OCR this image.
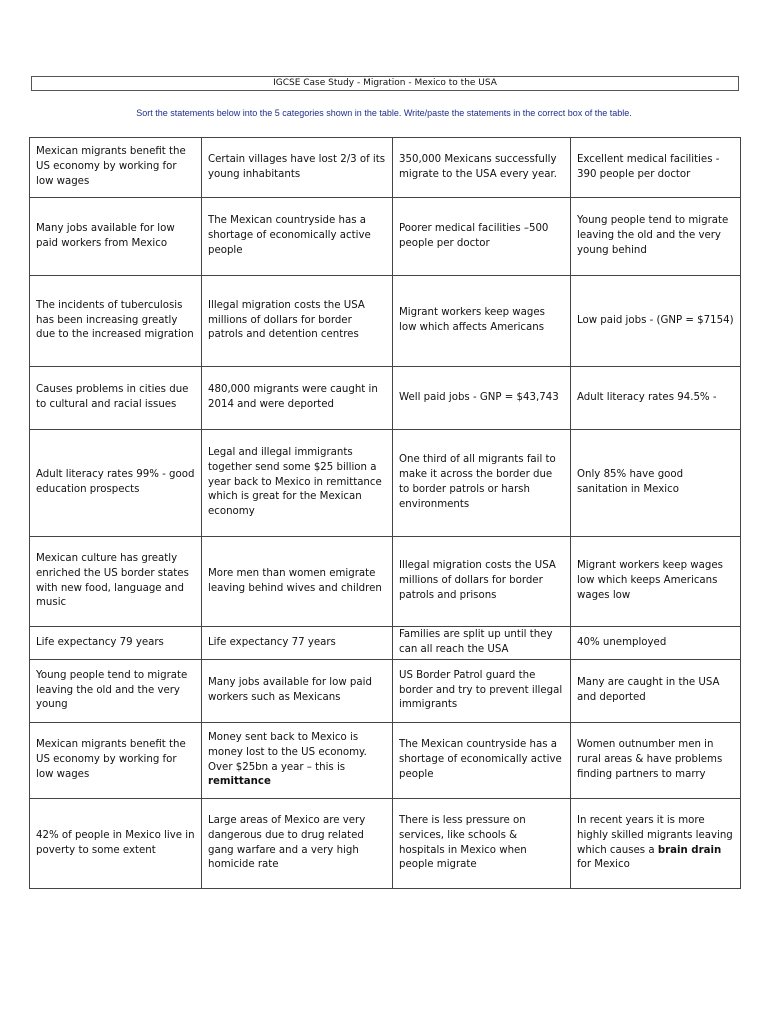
IGCSE Case Study - Migration - Mexico to the USA
Sort the statements below into the 5 categories shown in the table. Write/paste the statements in the correct box of the table.
Mexican migrants benefit the US economy by working for low wages	Certain villages have lost 2/3 of its young inhabitants	350,000 Mexicans successfully migrate to the USA every year.	Excellent medical facilities - 390 people per doctor
Many jobs available for low paid workers from Mexico	The Mexican countryside has a shortage of economically active people	Poorer medical facilities –500 people per doctor	Young people tend to migrate leaving the old and the very young behind
The incidents of tuberculosis has been increasing greatly due to the increased migration	Illegal migration costs the USA millions of dollars for border patrols and detention centres	Migrant workers keep wages low which affects Americans	Low paid jobs - (GNP = $7154)
Causes problems in cities due to cultural and racial issues	480,000 migrants were caught in 2014 and were deported	Well paid jobs - GNP = $43,743	Adult literacy rates 94.5% -
Adult literacy rates 99% - good education prospects	Legal and illegal immigrants together send some $25 billion a year back to Mexico in remittance which is great for the Mexican economy	One third of all migrants fail to make it across the border due to border patrols or harsh environments	Only 85% have good sanitation in Mexico
Mexican culture has greatly enriched the US border states with new food, language and music	More men than women emigrate leaving behind wives and children	Illegal migration costs the USA millions of dollars for border patrols and prisons	Migrant workers keep wages low which keeps Americans wages low
Life expectancy 79 years	Life expectancy 77 years	Families are split up until they can all reach the USA	40% unemployed
Young people tend to migrate leaving the old and the very young	Many jobs available for low paid workers such as Mexicans	US Border Patrol guard the border and try to prevent illegal immigrants	Many are caught in the USA and deported
Mexican migrants benefit the US economy by working for low wages	Money sent back to Mexico is money lost to the US economy. Over $25bn a year – this is remittance	The Mexican countryside has a shortage of economically active people	Women outnumber men in rural areas & have problems finding partners to marry
42% of people in Mexico live in poverty to some extent	Large areas of Mexico are very dangerous due to drug related gang warfare and a very high homicide rate	There is less pressure on services, like schools & hospitals in Mexico when people migrate	In recent years it is more highly skilled migrants leaving which causes a brain drain for Mexico
